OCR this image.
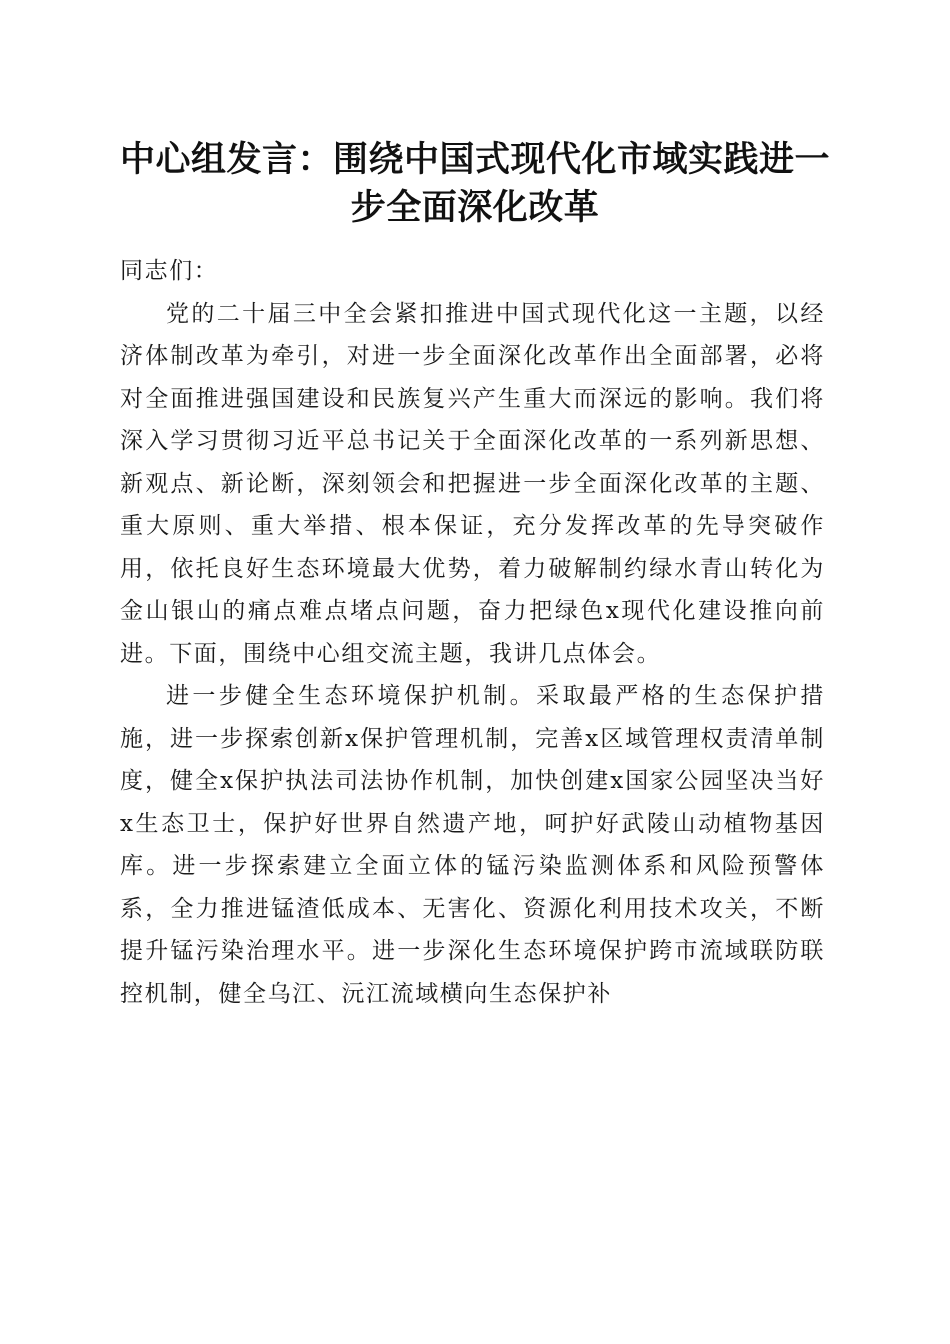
中心组发言：围绕中国式现代化市域实践进一步全面深化改革

同志们：

党的二十届三中全会紧扣推进中国式现代化这一主题，以经济体制改革为牵引，对进一步全面深化改革作出全面部署，必将对全面推进强国建设和民族复兴产生重大而深远的影响。我们将深入学习贯彻习近平总书记关于全面深化改革的一系列新思想、新观点、新论断，深刻领会和把握进一步全面深化改革的主题、重大原则、重大举措、根本保证，充分发挥改革的先导突破作用，依托良好生态环境最大优势，着力破解制约绿水青山转化为金山银山的痛点难点堵点问题，奋力把绿色x现代化建设推向前进。下面，围绕中心组交流主题，我讲几点体会。

进一步健全生态环境保护机制。采取最严格的生态保护措施，进一步探索创新x保护管理机制，完善x区域管理权责清单制度，健全x保护执法司法协作机制，加快创建x国家公园坚决当好x生态卫士，保护好世界自然遗产地，呵护好武陵山动植物基因库。进一步探索建立全面立体的锰污染监测体系和风险预警体系，全力推进锰渣低成本、无害化、资源化利用技术攻关，不断提升锰污染治理水平。进一步深化生态环境保护跨市流域联防联控机制，健全乌江、沅江流域横向生态保护补
